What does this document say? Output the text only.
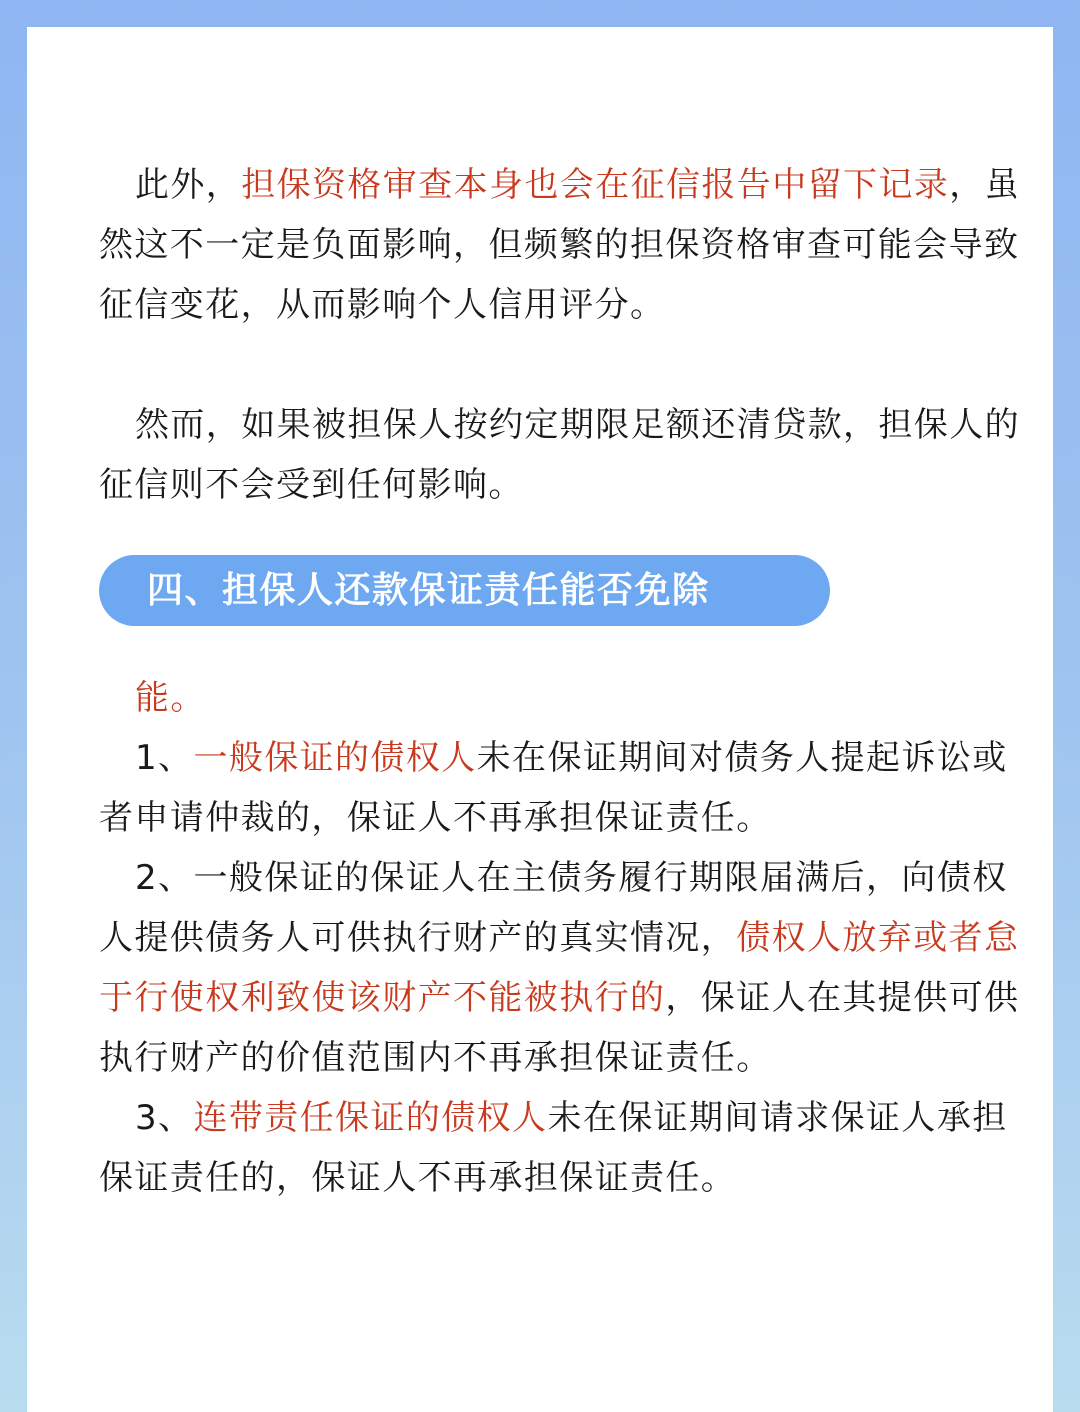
此外，担保资格审查本身也会在征信报告中留下记录，虽然这不一定是负面影响，但频繁的担保资格审查可能会导致征信变花，从而影响个人信用评分。

然而，如果被担保人按约定期限足额还清贷款，担保人的征信则不会受到任何影响。

四、担保人还款保证责任能否免除

能。

1、一般保证的债权人未在保证期间对债务人提起诉讼或者申请仲裁的，保证人不再承担保证责任。

2、一般保证的保证人在主债务履行期限届满后，向债权人提供债务人可供执行财产的真实情况，债权人放弃或者怠于行使权利致使该财产不能被执行的，保证人在其提供可供执行财产的价值范围内不再承担保证责任。

3、连带责任保证的债权人未在保证期间请求保证人承担保证责任的，保证人不再承担保证责任。
